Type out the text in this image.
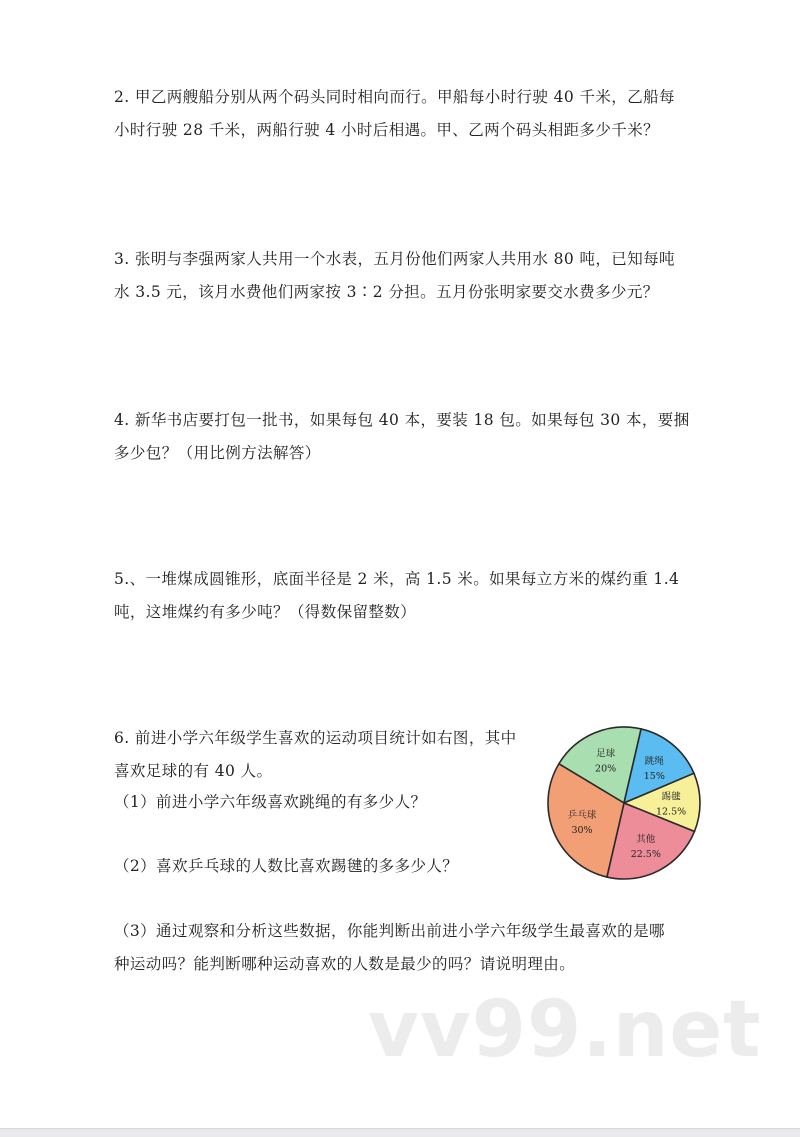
2. 甲乙两艘船分别从两个码头同时相向而行。甲船每小时行驶 40 千米，乙船每

小时行驶 28 千米，两船行驶 4 小时后相遇。甲、乙两个码头相距多少千米？

3. 张明与李强两家人共用一个水表，五月份他们两家人共用水 80 吨，已知每吨

水 3.5 元，该月水费他们两家按 3∶2 分担。五月份张明家要交水费多少元？

4. 新华书店要打包一批书，如果每包 40 本，要装 18 包。如果每包 30 本，要捆

多少包？（用比例方法解答）

5.、一堆煤成圆锥形，底面半径是 2 米，高 1.5 米。如果每立方米的煤约重 1.4

吨，这堆煤约有多少吨？（得数保留整数）

6. 前进小学六年级学生喜欢的运动项目统计如右图，其中

喜欢足球的有 40 人。

（1）前进小学六年级喜欢跳绳的有多少人？
（2）喜欢乒乓球的人数比喜欢踢毽的多多少人？

（3）通过观察和分析这些数据，你能判断出前进小学六年级学生最喜欢的是哪

种运动吗？能判断哪种运动喜欢的人数是最少的吗？请说明理由。

足球
20%
跳绳
15%
踢毽
12.5%
其他
22.5%
乒乓球
30%
vv99.net
